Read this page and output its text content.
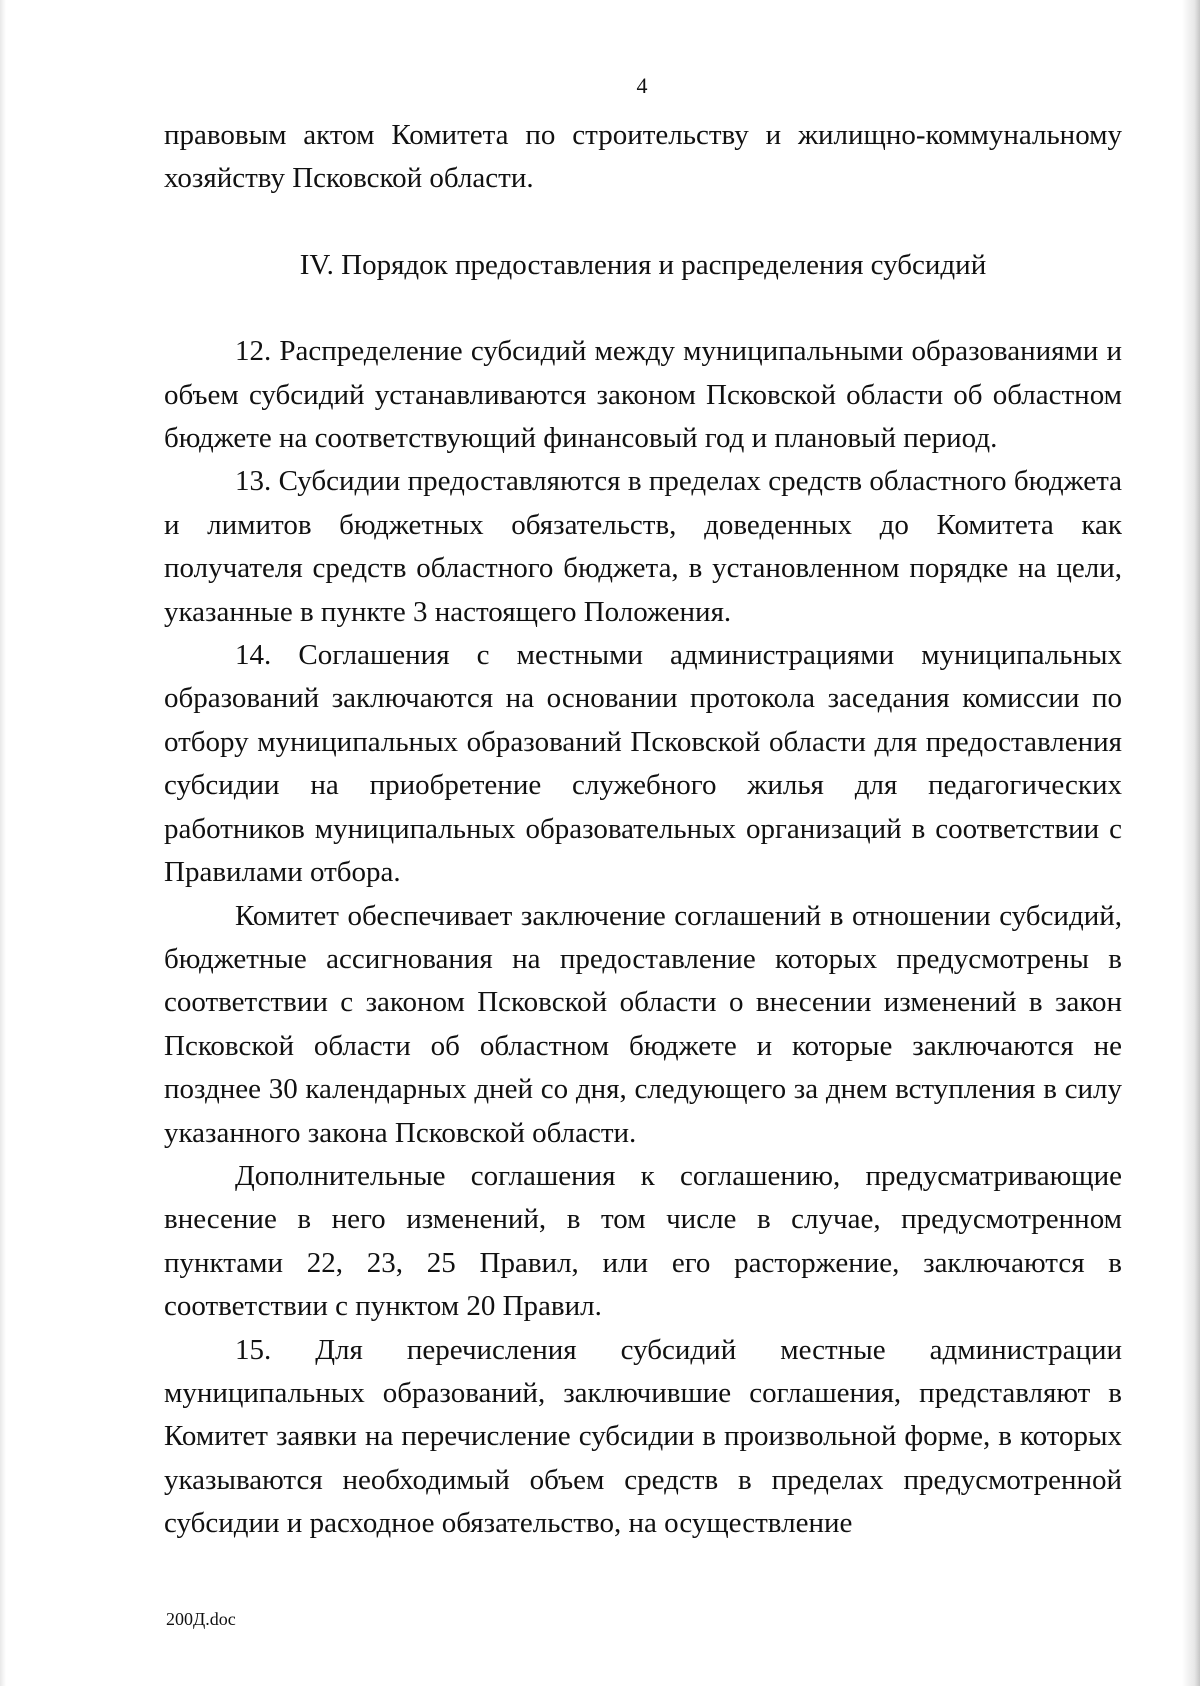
4

правовым актом Комитета по строительству и жилищно-коммунальному хозяйству Псковской области.

IV. Порядок предоставления и распределения субсидий

12. Распределение субсидий между муниципальными образованиями и объем субсидий устанавливаются законом Псковской области об областном бюджете на соответствующий финансовый год и плановый период.

13. Субсидии предоставляются в пределах средств областного бюджета и лимитов бюджетных обязательств, доведенных до Комитета как получателя средств областного бюджета, в установленном порядке на цели, указанные в пункте 3 настоящего Положения.

14. Соглашения с местными администрациями муниципальных образований заключаются на основании протокола заседания комиссии по отбору муниципальных образований Псковской области для предоставления субсидии на приобретение служебного жилья для педагогических работников муниципальных образовательных организаций в соответствии с Правилами отбора.

Комитет обеспечивает заключение соглашений в отношении субсидий, бюджетные ассигнования на предоставление которых предусмотрены в соответствии с законом Псковской области о внесении изменений в закон Псковской области об областном бюджете и которые заключаются не позднее 30 календарных дней со дня, следующего за днем вступления в силу указанного закона Псковской области.

Дополнительные соглашения к соглашению, предусматривающие внесение в него изменений, в том числе в случае, предусмотренном пунктами 22, 23, 25 Правил, или его расторжение, заключаются в соответствии с пунктом 20 Правил.

15. Для перечисления субсидий местные администрации муниципальных образований, заключившие соглашения, представляют в Комитет заявки на перечисление субсидии в произвольной форме, в которых указываются необходимый объем средств в пределах предусмотренной субсидии и расходное обязательство, на осуществление

200Д.doc
